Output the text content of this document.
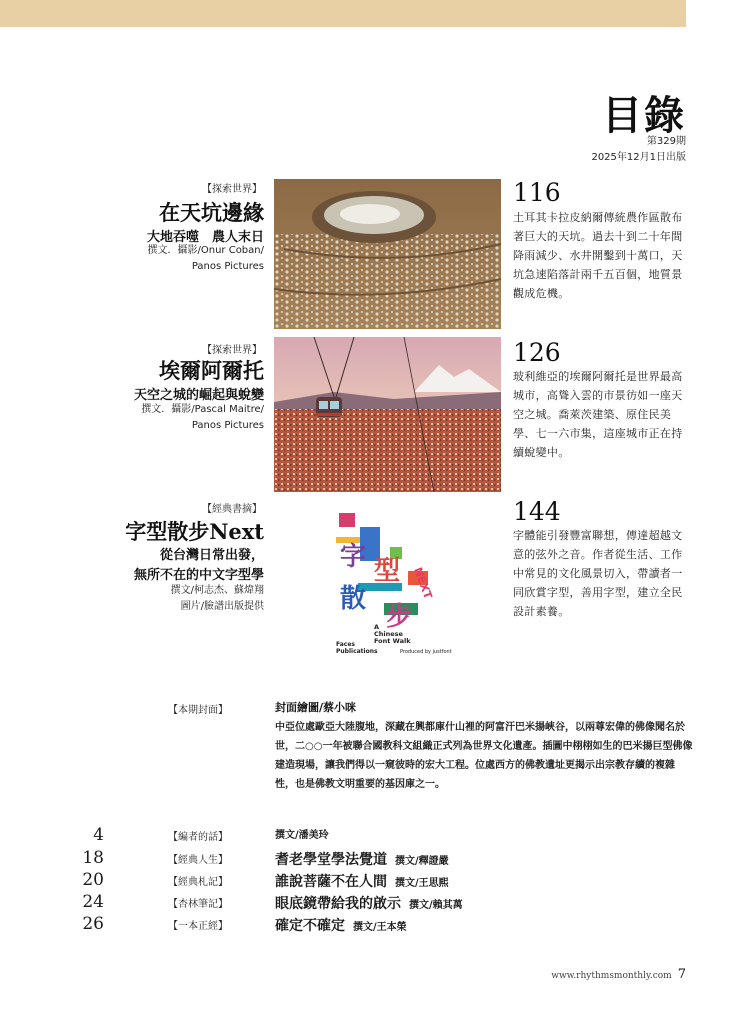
目錄
第329期
2025年12月1日出版
【探索世界】
在天坑邊緣
大地吞噬　農人末日
撰文．攝影/Onur Coban/
Panos Pictures
116
土耳其卡拉皮納爾傳統農作區散布著巨大的天坑。過去十到二十年間降雨減少、水井開鑿到十萬口，天坑急速陷落計兩千五百個，地質景觀成危機。
【探索世界】
埃爾阿爾托
天空之城的崛起與蛻變
撰文．攝影/Pascal Maitre/
Panos Pictures
126
玻利維亞的埃爾阿爾托是世界最高城市，高聳入雲的市景彷如一座天空之城。喬萊茨建築、原住民美學、七一六市集，這座城市正在持續蛻變中。
【經典書摘】
字型散步Next
從台灣日常出發，
無所不在的中文字型學
撰文/柯志杰、蘇煒翔
圖片/臉譜出版提供
字 型
散
步
NEXT
A
Chinese
Font Walk
Faces
Publications	Produced by justfont
144
字體能引發豐富聯想，傳達超越文意的弦外之音。作者從生活、工作中常見的文化風景切入，帶讀者一同欣賞字型，善用字型，建立全民設計素養。
【本期封面】	封面繪圖/蔡小咪
中亞位處歐亞大陸腹地，深藏在興都庫什山裡的阿富汗巴米揚峽谷，以兩尊宏偉的佛像聞名於世，二○○一年被聯合國教科文組織正式列為世界文化遺產。插圖中栩栩如生的巴米揚巨型佛像建造現場，讓我們得以一窺彼時的宏大工程。位處西方的佛教遺址更揭示出宗教存續的複雜性，也是佛教文明重要的基因庫之一。
4	【編者的話】	撰文/潘美玲
18	【經典人生】	耆老學堂學法覺道 撰文/釋證嚴
20	【經典札記】	誰說菩薩不在人間 撰文/王思熙
24	【杏林筆記】	眼底鏡帶給我的啟示 撰文/賴其萬
26	【一本正經】	確定不確定 撰文/王本榮
www.rhythmsmonthly.com 7
